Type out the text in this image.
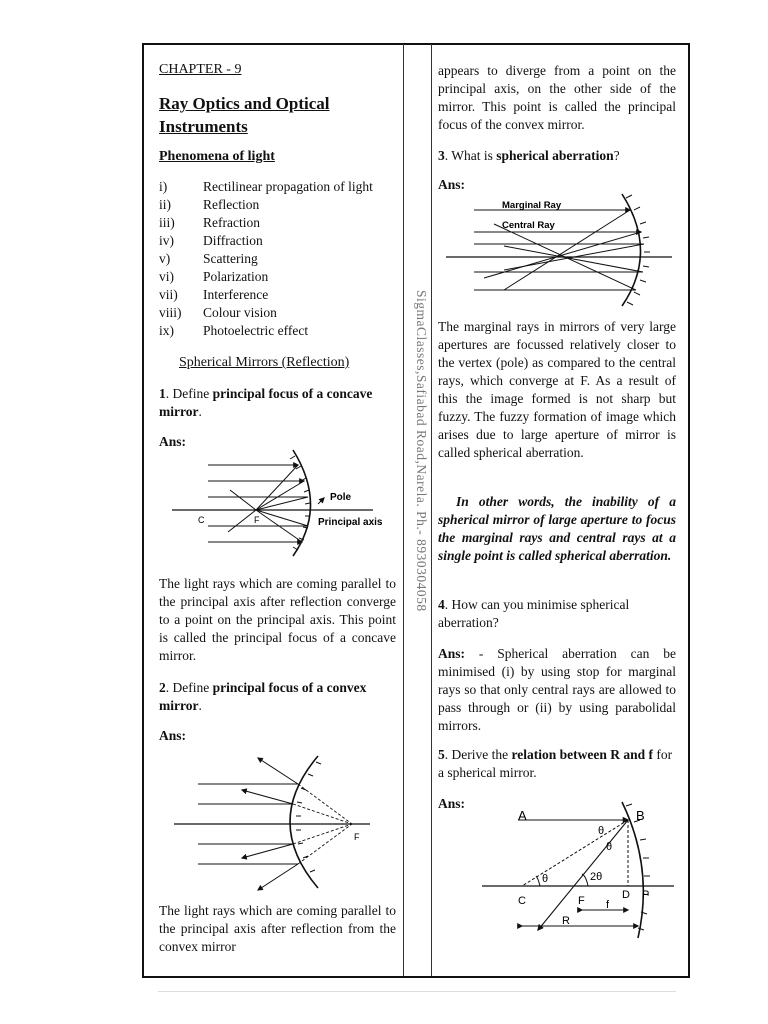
SigmaClasses,Safiabad Road,Narela. Ph.- 8930304058
CHAPTER - 9
Ray Optics and Optical Instruments
Phenomena of light
i)	Rectilinear propagation of light
ii)	Reflection
iii)	Refraction
iv)	Diffraction
v)	Scattering
vi)	Polarization
vii)	Interference
viii)	Colour vision
ix)	Photoelectric effect
Spherical Mirrors (Reflection)
1. Define principal focus of a concave mirror.
Ans:
C	F
Pole
Principal axis
The light rays which are coming parallel to the principal axis after reflection converge to a point on the principal axis. This point is called the principal focus of a concave mirror.
2. Define principal focus of a convex mirror.
Ans:
F
The light rays which are coming parallel to the principal axis after reflection from the convex mirror
appears to diverge from a point on the principal axis, on the other side of the mirror. This point is called the principal focus of the convex mirror.
3. What is spherical aberration?
Ans:
Marginal Ray
Central Ray
The marginal rays in mirrors of very large apertures are focussed relatively closer to the vertex (pole) as compared to the central rays, which converge at F. As a result of this the image formed is not sharp but fuzzy. The fuzzy formation of image which arises due to large aperture of mirror is called spherical aberration.
In other words, the inability of a spherical mirror of large aperture to focus the marginal rays and central rays at a single point is called spherical aberration.
4. How can you minimise spherical aberration?
Ans: - Spherical aberration can be minimised (i) by using stop for marginal rays so that only central rays are allowed to pass through or (ii) by using parabolidal mirrors.
5. Derive the relation between R and f for a spherical mirror.
Ans:
A	B
C	F	D P
θ
θ
θ	2θ
f
R
